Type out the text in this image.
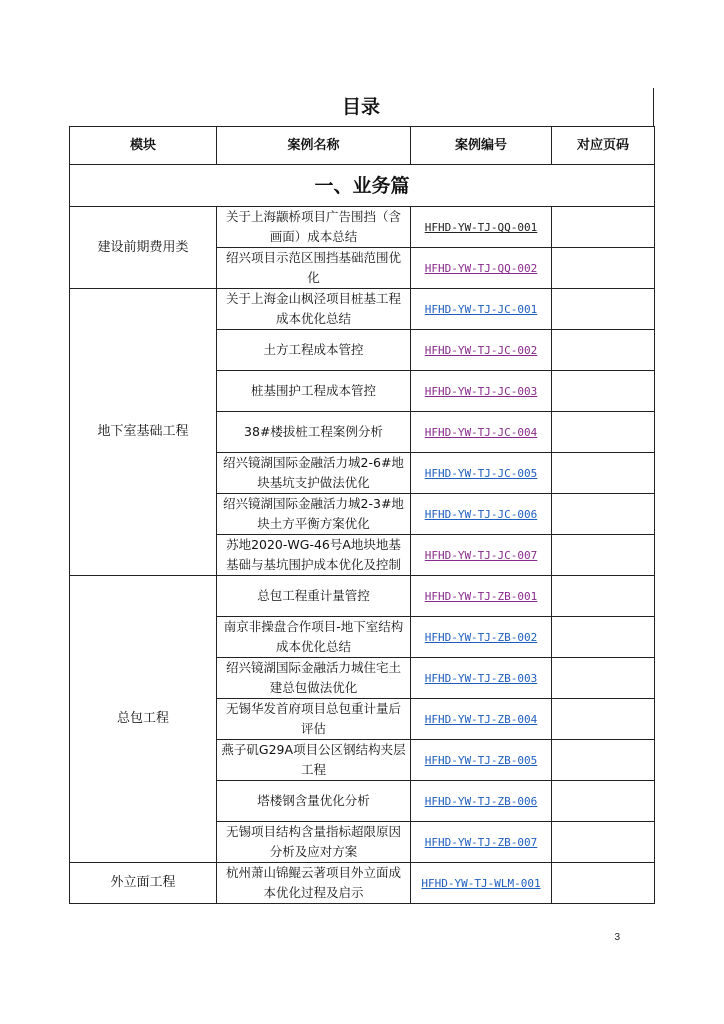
目录
模块	案例名称	案例编号	对应页码
一、业务篇			
建设前期费用类	关于上海颛桥项目广告围挡（含画面）成本总结	HFHD-YW-TJ-QQ-001	
	绍兴项目示范区围挡基础范围优化	HFHD-YW-TJ-QQ-002	
地下室基础工程	关于上海金山枫泾项目桩基工程成本优化总结	HFHD-YW-TJ-JC-001	
	土方工程成本管控	HFHD-YW-TJ-JC-002	
	桩基围护工程成本管控	HFHD-YW-TJ-JC-003	
	38#楼拔桩工程案例分析	HFHD-YW-TJ-JC-004	
	绍兴镜湖国际金融活力城2-6#地块基坑支护做法优化	HFHD-YW-TJ-JC-005	
	绍兴镜湖国际金融活力城2-3#地块土方平衡方案优化	HFHD-YW-TJ-JC-006	
	苏地2020-WG-46号A地块地基基础与基坑围护成本优化及控制	HFHD-YW-TJ-JC-007	
总包工程	总包工程重计量管控	HFHD-YW-TJ-ZB-001	
	南京非操盘合作项目-地下室结构成本优化总结	HFHD-YW-TJ-ZB-002	
	绍兴镜湖国际金融活力城住宅土建总包做法优化	HFHD-YW-TJ-ZB-003	
	无锡华发首府项目总包重计量后评估	HFHD-YW-TJ-ZB-004	
	燕子矶G29A项目公区钢结构夹层工程	HFHD-YW-TJ-ZB-005	
	塔楼钢含量优化分析	HFHD-YW-TJ-ZB-006	
	无锡项目结构含量指标超限原因分析及应对方案	HFHD-YW-TJ-ZB-007	
外立面工程	杭州萧山锦鲲云著项目外立面成本优化过程及启示	HFHD-YW-TJ-WLM-001	
3
